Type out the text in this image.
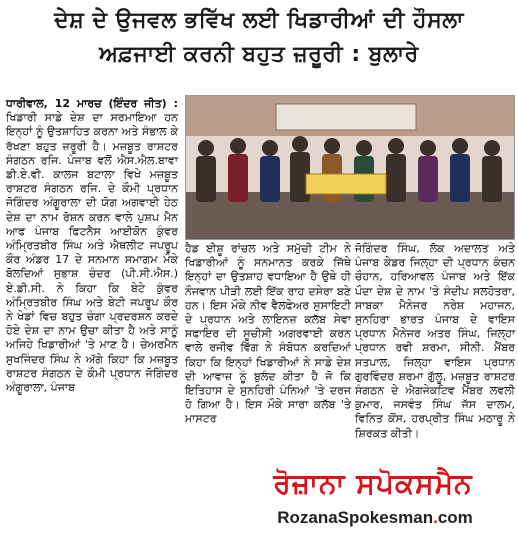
ਦੇਸ਼ ਦੇ ਉਜਵਲ ਭਵਿੱਖ ਲਈ ਖਿਡਾਰੀਆਂ ਦੀ ਹੌਸਲਾ
ਅਫ਼ਜਾਈ ਕਰਨੀ ਬਹੁਤ ਜ਼ਰੂਰੀ : ਬੁਲਾਰੇ

ਧਾਰੀਵਾਲ, 12 ਮਾਰਚ (ਇੰਦਰ ਜੀਤ) : ਖਿਡਾਰੀ ਸਾਡੇ ਦੇਸ਼ ਦਾ ਸਰਮਾਇਆ ਹਨ ਇਨ੍ਹਾਂ ਨੂੰ ਉਤਸ਼ਾਹਿਤ ਕਰਨਾ ਅਤੇ ਸੰਭਾਲ ਕੇ ਰੱਖਣਾ ਬਹੁਤ ਜ਼ਰੂਰੀ ਹੈ। ਮਜ਼ਬੂਤ ਰਾਸ਼ਟਰ ਸੰਗਠਨ ਰਜਿ. ਪੰਜਾਬ ਵਲੋਂ ਐਸ.ਐਲ.ਬਾਵਾ ਡੀ.ਏ.ਵੀ. ਕਾਲਜ ਬਟਾਲਾ ਵਿਖੇ ਮਜ਼ਬੂਤ ਰਾਸ਼ਟਰ ਸੰਗਠਨ ਰਜਿ. ਦੇ ਕੌਮੀ ਪ੍ਰਧਾਨ ਜੋਗਿੰਦਰ ਅੰਗੂਰਾਲਾ ਦੀ ਯੋਗ ਅਗਵਾਈ ਹੇਠ ਦੇਸ਼ ਦਾ ਨਾਮ ਰੋਸ਼ਨ ਕਰਨ ਵਾਲੇ ਪੁਸ਼ਪ ਮੈਨ ਆਫ ਪੰਜਾਬ ਫਿਟਨੈਸ ਆਈਕੋਨ ਕੁੰਵਰ ਅੰਮ੍ਰਿਤਬੀਰ ਸਿੰਘ ਅਤੇ ਐਥਲੀਟ ਜਪਰੂਪ ਕੌਰ ਅੰਡਰ 17 ਦੇ ਸਨਮਾਨ ਸਮਾਗਮ ਮੌਕੇ ਬੋਲਦਿਆਂ ਸੁਭਾਸ਼ ਚੰਦਰ (ਪੀ.ਸੀ.ਐਸ.) ਏ.ਡੀ.ਸੀ. ਨੇ ਕਿਹਾ ਕਿ ਬੇਟੇ ਕੁੰਵਰ ਅੰਮ੍ਰਿਤਬੀਰ ਸਿੰਘ ਅਤੇ ਬੇਟੀ ਜਪਰੂਪ ਕੌਰ ਨੇ ਖੇਡਾਂ ਵਿਚ ਬਹੁਤ ਚੰਗਾ ਪ੍ਰਦਰਸ਼ਨ ਕਰਦੇ ਹੋਏ ਦੇਸ਼ ਦਾ ਨਾਮ ਉਚਾ ਕੀਤਾ ਹੈ ਅਤੇ ਸਾਨੂੰ ਅਜਿਹੇ ਖਿਡਾਰੀਆਂ 'ਤੇ ਮਾਣ ਹੈ। ਚੇਅਰਮੈਨ ਸੁਖਜਿੰਦਰ ਸਿੰਘ ਨੇ ਅੱਗੇ ਕਿਹਾ ਕਿ ਮਜ਼ਬੂਤ ਰਾਸ਼ਟਰ ਸੰਗਠਨ ਦੇ ਕੌਮੀ ਪ੍ਰਧਾਨ ਜੋਗਿੰਦਰ ਅੰਗੂਰਾਲਾ, ਪੰਜਾਬ

ਹੈਡ ਈਸ਼ੂ ਰਾਂਚਲ ਅਤੇ ਸਮੁੱਚੀ ਟੀਮ ਨੇ ਖਿਡਾਰੀਆਂ ਨੂੰ ਸਨਮਾਨਤ ਕਰਕੇ ਜਿੱਥੇ ਇਨ੍ਹਾਂ ਦਾ ਉਤਸ਼ਾਹ ਵਧਾਇਆ ਹੈ ਉਥੇ ਹੀ ਨੌਜਵਾਨ ਪੀੜੀ ਲਈ ਇੱਕ ਰਾਹ ਦਸੇਰਾ ਬਣੇ ਹਨ। ਇਸ ਮੌਕੇ ਨੀਵ ਵੈਲਫੇਅਰ ਸੁਸਾਇਟੀ ਦੇ ਪ੍ਰਧਾਨ ਅਤੇ ਲਾਇਨਜ਼ ਕਲੱਬ ਸੇਵਾ ਸਫਾਇਰ ਦੀ ਸੂਚੀਸੀ ਅਗਰਵਾਈ ਕਰਨ ਵਾਲੇ ਰਜੀਵ ਵਿੱਗ ਨੇ ਸੰਬੋਧਨ ਕਰਦਿਆਂ ਕਿਹਾ ਕਿ ਇਨ੍ਹਾਂ ਖਿਡਾਰੀਆਂ ਨੇ ਸਾਡੇ ਦੇਸ਼ ਦੀ ਆਵਾਜ਼ ਨੂੰ ਬੁਲੰਦ ਕੀਤਾ ਹੈ ਜੋ ਕਿ ਇਤਿਹਾਸ ਦੇ ਸੁਨਹਿਰੀ ਪੰਨਿਆਂ 'ਤੇ ਦਰਜ ਹੋ ਗਿਆ ਹੈ। ਇਸ ਮੌਕੇ ਸਾਰਾ ਕਲੱਬ 'ਤੇ ਮਾਸਟਰ

ਜੋਗਿੰਦਰ ਸਿੰਘ, ਲੋਕ ਅਦਾਲਤ ਅਤੇ ਪੰਜਾਬ ਕੇਡਰ ਜਿਲ੍ਹਾ ਦੀ ਪ੍ਰਧਾਨ ਕੰਚਨ ਚੌਹਾਨ, ਹਰਿਆਵਲ ਪੰਜਾਬ ਅਤੇ ਇੱਕ ਪੌਦਾ ਦੇਸ਼ ਦੇ ਨਾਮ 'ਤੇ ਸੰਦੀਪ ਸਲਹੋਤਰਾ, ਸਾਬਕਾ ਮੈਨੇਜਰ ਨਰੇਸ਼ ਮਹਾਜਨ, ਸੁਨਹਿਰਾ ਭਾਰਤ ਪੰਜਾਬ ਦੇ ਵਾਇਸ ਪ੍ਰਧਾਨ ਮੈਨੇਜਰ ਅਤਰ ਸਿੰਘ, ਜਿਲ੍ਹਾ ਪ੍ਰਧਾਨ ਰਵੀ ਸ਼ਰਮਾ, ਸੀਨੀ. ਮੈਂਬਰ ਸਤਪਾਲ, ਜਿਲ੍ਹਾ ਵਾਇਸ ਪ੍ਰਧਾਨ ਗੁਰਵਿੰਦਰ ਸ਼ਰਮਾ ਗੁੱਲੂ, ਮਜ਼ਬੂਤ ਰਾਸ਼ਟਰ ਸੰਗਠਨ ਦੇ ਐਗਜੇਕਟਿਵ ਮੈਂਬਰ ਲਵਲੀ ਕੁਮਾਰ, ਜਸਵੰਤ ਸਿੰਘ ਜੱਸ ਦਾਲਮ, ਵਿਨਿਤ ਕੋਂਸ, ਹਰਪ੍ਰੀਤ ਸਿੰਘ ਮਠਾਰੂ ਨੇ ਸ਼ਿਰਕਤ ਕੀਤੀ।

ਰੋਜ਼ਾਨਾ ਸਪੋਕਸਮੈਨ
RozanaSpokesman.com
